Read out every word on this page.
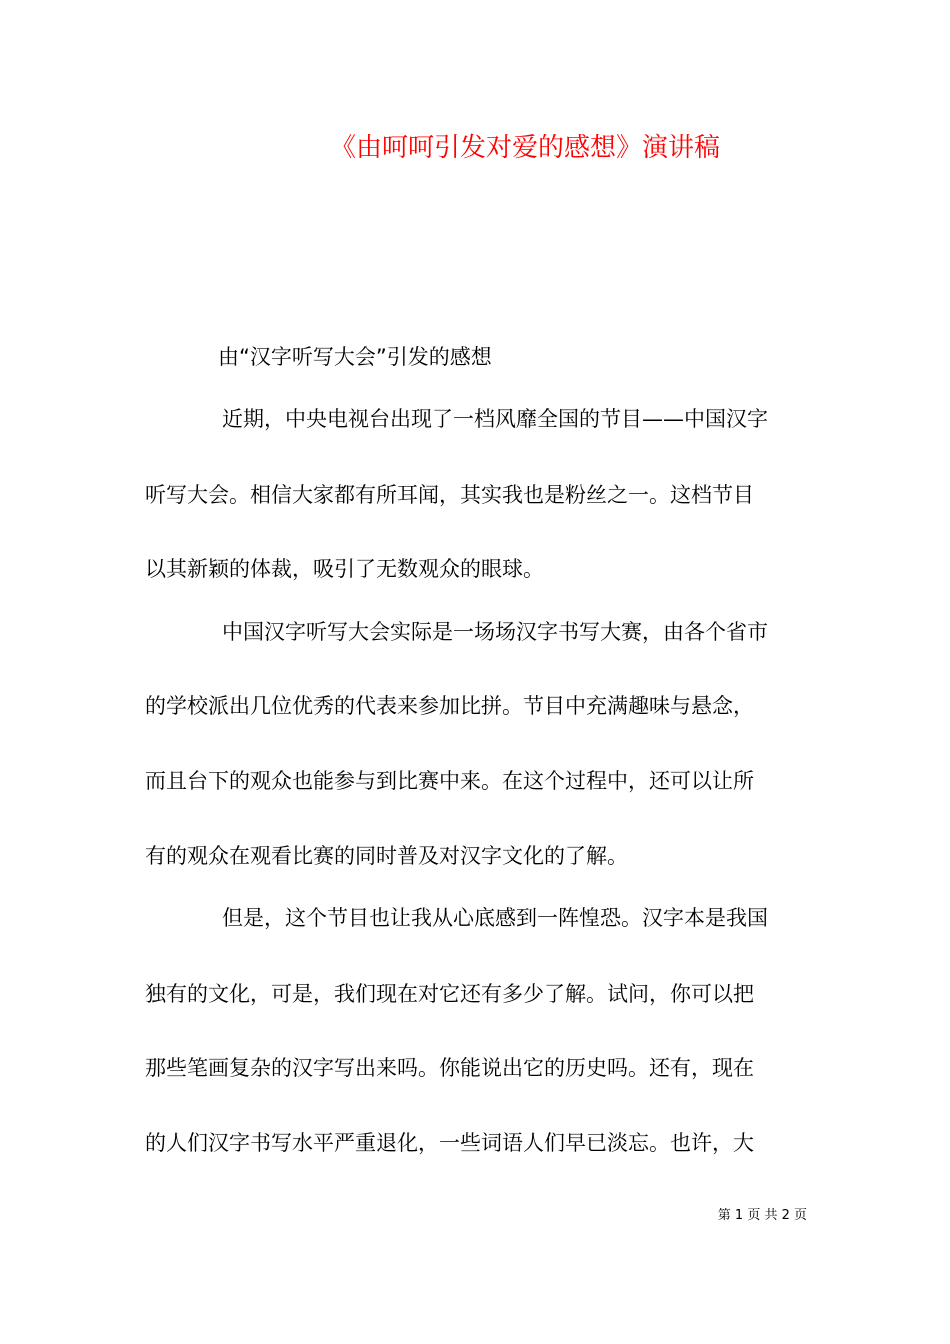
《由呵呵引发对爱的感想》演讲稿
由“汉字听写大会”引发的感想
近期，中央电视台出现了一档风靡全国的节目——中国汉字
听写大会。相信大家都有所耳闻，其实我也是粉丝之一。这档节目
以其新颖的体裁，吸引了无数观众的眼球。
中国汉字听写大会实际是一场场汉字书写大赛，由各个省市
的学校派出几位优秀的代表来参加比拼。节目中充满趣味与悬念，
而且台下的观众也能参与到比赛中来。在这个过程中，还可以让所
有的观众在观看比赛的同时普及对汉字文化的了解。
但是，这个节目也让我从心底感到一阵惶恐。汉字本是我国
独有的文化，可是，我们现在对它还有多少了解。试问，你可以把
那些笔画复杂的汉字写出来吗。你能说出它的历史吗。还有，现在
的人们汉字书写水平严重退化，一些词语人们早已淡忘。也许，大
第 1 页 共 2 页
